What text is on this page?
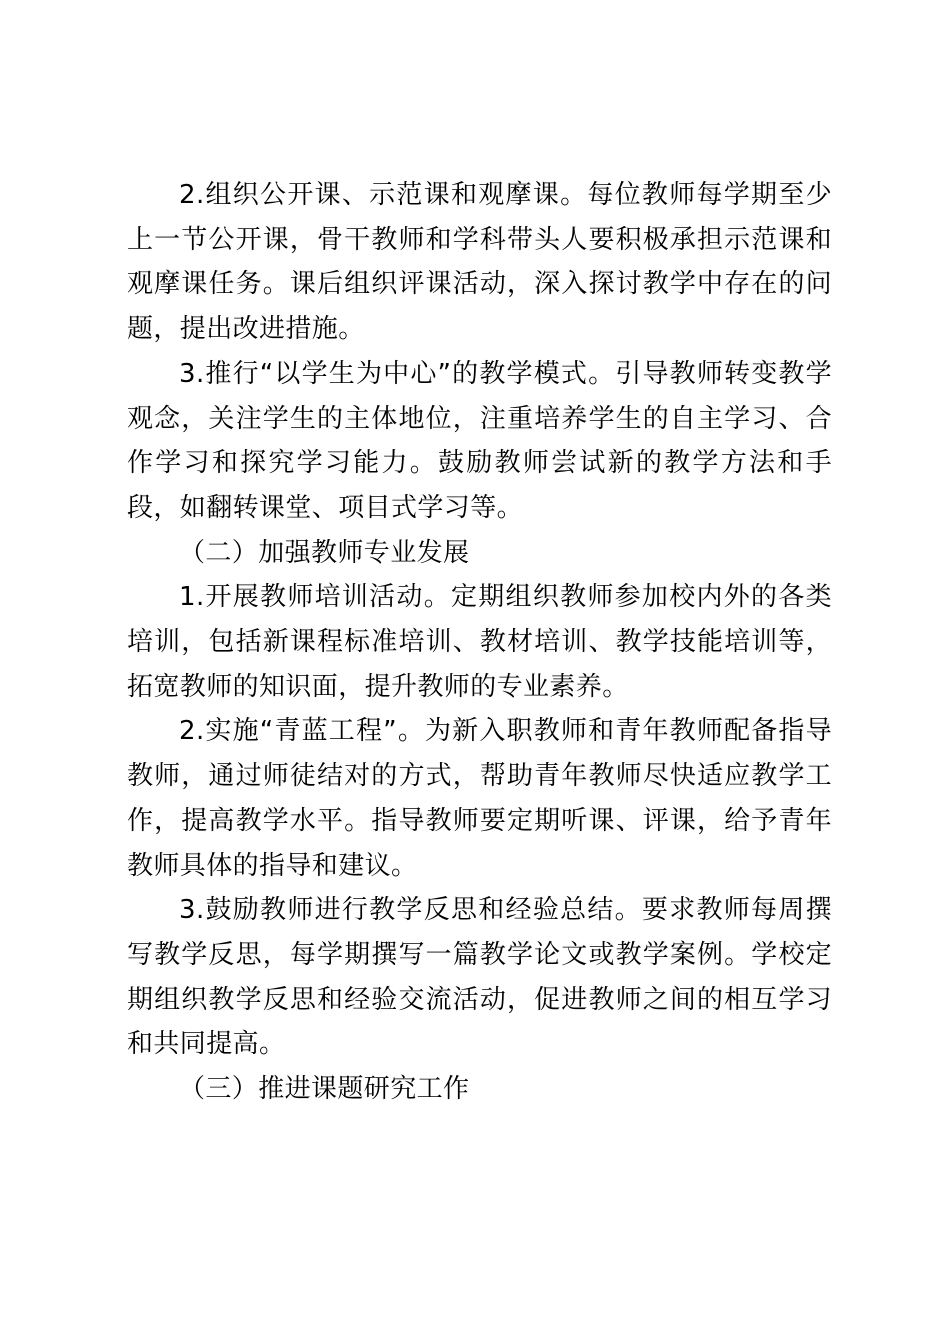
2.组织公开课、示范课和观摩课。每位教师每学期至少上一节公开课，骨干教师和学科带头人要积极承担示范课和观摩课任务。课后组织评课活动，深入探讨教学中存在的问题，提出改进措施。

3.推行“以学生为中心”的教学模式。引导教师转变教学观念，关注学生的主体地位，注重培养学生的自主学习、合作学习和探究学习能力。鼓励教师尝试新的教学方法和手段，如翻转课堂、项目式学习等。

（二）加强教师专业发展

1.开展教师培训活动。定期组织教师参加校内外的各类培训，包括新课程标准培训、教材培训、教学技能培训等，拓宽教师的知识面，提升教师的专业素养。

2.实施“青蓝工程”。为新入职教师和青年教师配备指导教师，通过师徒结对的方式，帮助青年教师尽快适应教学工作，提高教学水平。指导教师要定期听课、评课，给予青年教师具体的指导和建议。

3.鼓励教师进行教学反思和经验总结。要求教师每周撰写教学反思，每学期撰写一篇教学论文或教学案例。学校定期组织教学反思和经验交流活动，促进教师之间的相互学习和共同提高。

（三）推进课题研究工作
